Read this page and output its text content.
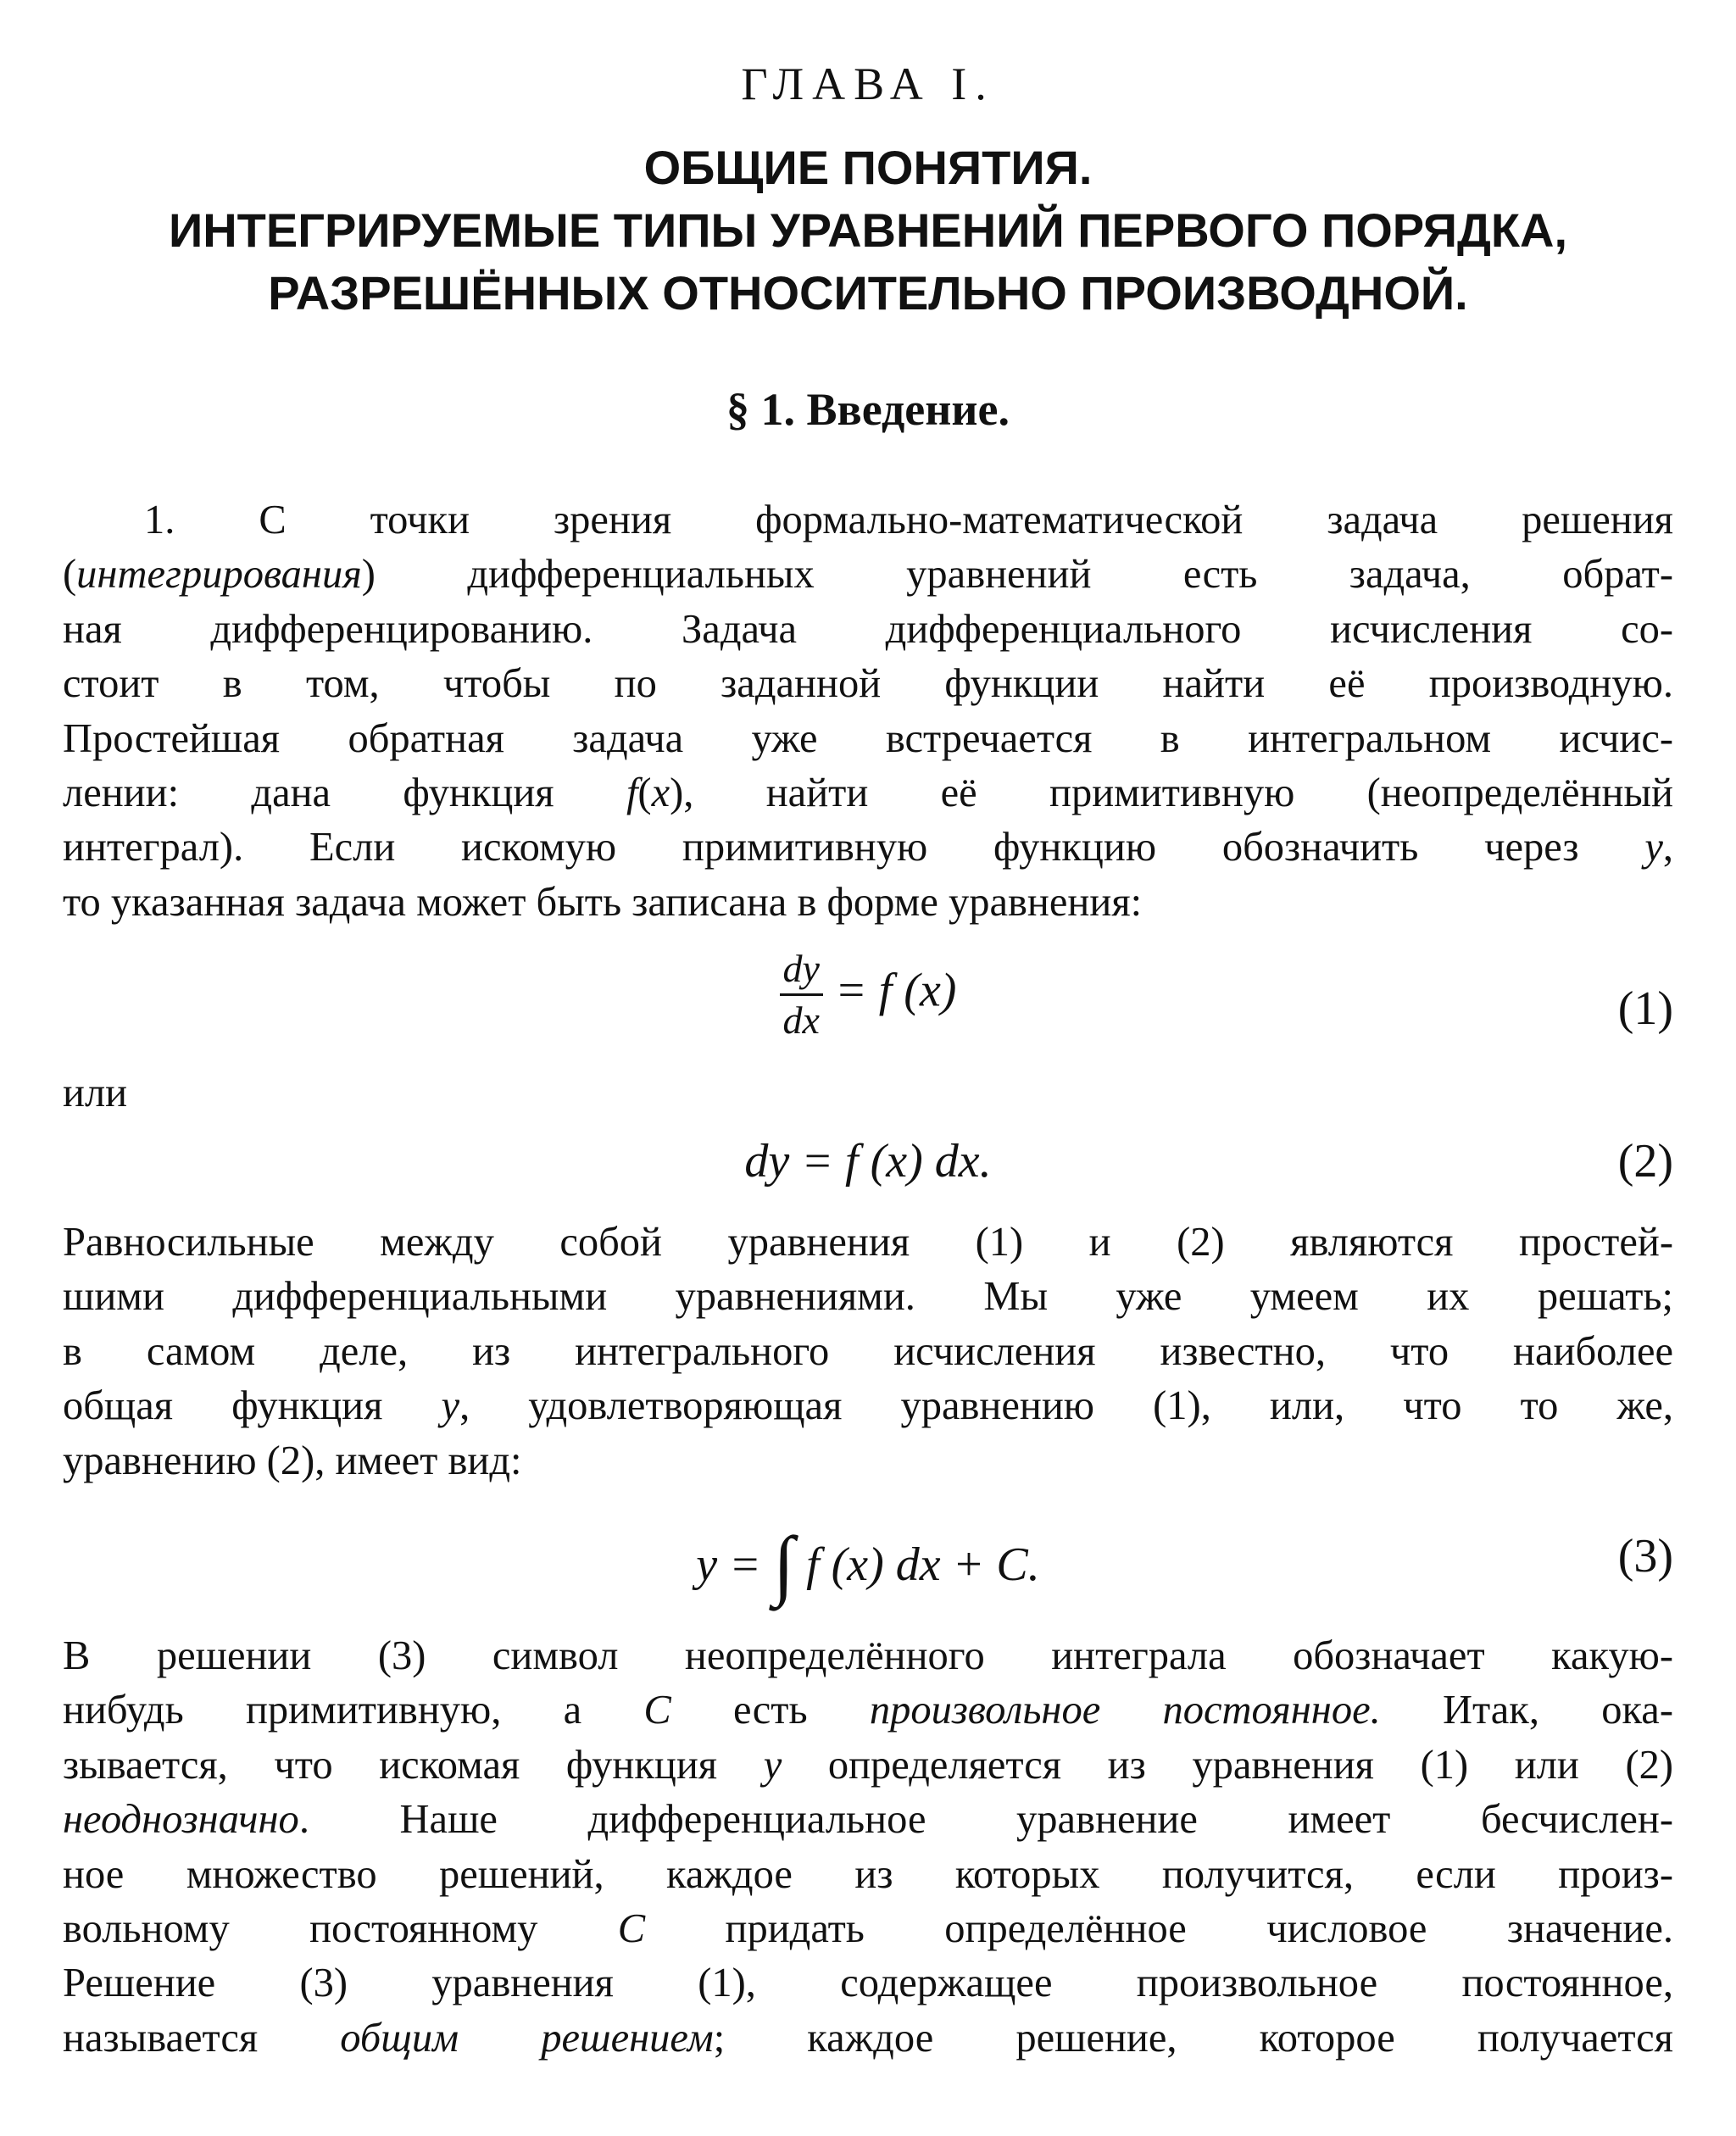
ГЛАВА I.
ОБЩИЕ ПОНЯТИЯ.
ИНТЕГРИРУЕМЫЕ ТИПЫ УРАВНЕНИЙ ПЕРВОГО ПОРЯДКА,
РАЗРЕШЁННЫХ ОТНОСИТЕЛЬНО ПРОИЗВОДНОЙ.
§ 1. Введение.
1. С точки зрения формально-математической задача решения
(интегрирования) дифференциальных уравнений есть задача, обрат-
ная дифференцированию. Задача дифференциального исчисления со-
стоит в том, чтобы по заданной функции найти её производную.
Простейшая обратная задача уже встречается в интегральном исчис-
лении: дана функция f(x), найти её примитивную (неопределённый
интеграл). Если искомую примитивную функцию обозначить через y,
то указанная задача может быть записана в форме уравнения:
$\frac{dy}{dx} = f$ (x)	(1)
или
dy = f (x) dx.	(2)
Равносильные между собой уравнения (1) и (2) являются простей-
шими дифференциальными уравнениями. Мы уже умеем их решать;
в самом деле, из интегрального исчисления известно, что наиболее
общая функция y, удовлетворяющая уравнению (1), или, что то же,
уравнению (2), имеет вид:
y = ∫ f (x) dx + C.	(3)
В решении (3) символ неопределённого интеграла обозначает какую-
нибудь примитивную, а C есть произвольное постоянное. Итак, ока-
зывается, что искомая функция y определяется из уравнения (1) или (2)
неоднозначно. Наше дифференциальное уравнение имеет бесчислен-
ное множество решений, каждое из которых получится, если произ-
вольному постоянному C придать определённое числовое значение.
Решение (3) уравнения (1), содержащее произвольное постоянное,
называется общим решением; каждое решение, которое получается
